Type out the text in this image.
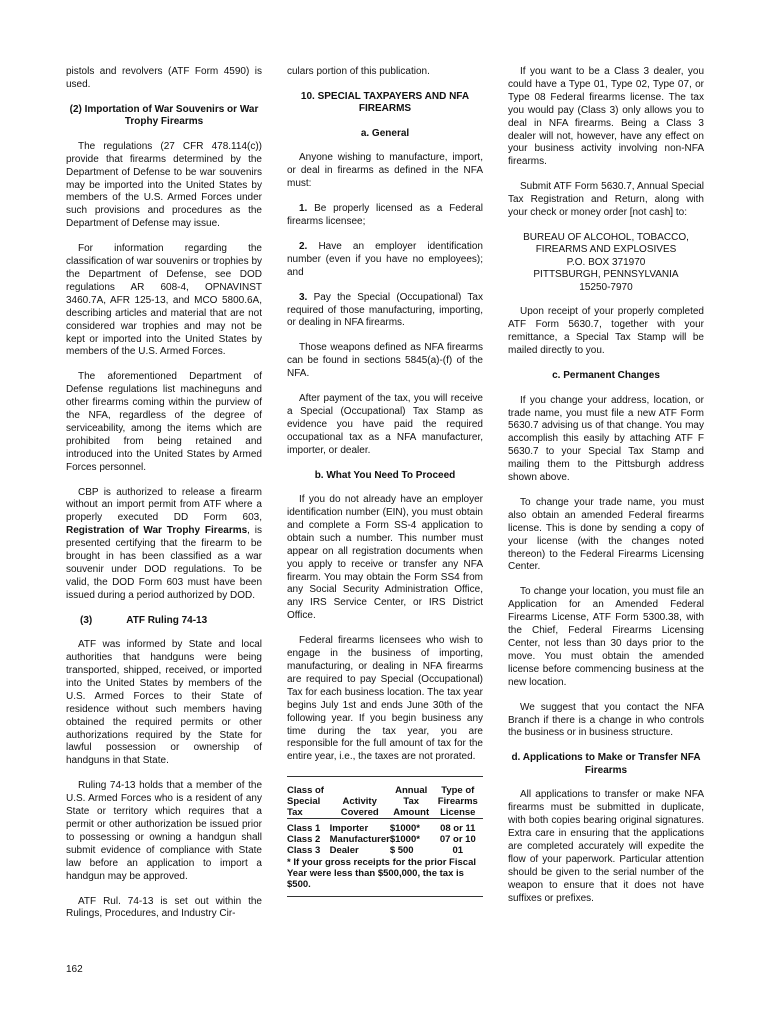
pistols and revolvers (ATF Form 4590) is used.

(2) Importation of War Souvenirs or War Trophy Firearms

The regulations (27 CFR 478.114(c)) provide that firearms determined by the Department of Defense to be war souvenirs may be imported into the United States by members of the U.S. Armed Forces under such provisions and procedures as the Department of Defense may issue.

For information regarding the classification of war souvenirs or trophies by the Department of Defense, see DOD regulations AR 608-4, OPNAVINST 3460.7A, AFR 125-13, and MCO 5800.6A, describing articles and material that are not considered war trophies and may not be kept or imported into the United States by members of the U.S. Armed Forces.

The aforementioned Department of Defense regulations list machineguns and other firearms coming within the purview of the NFA, regardless of the degree of serviceability, among the items which are prohibited from being retained and introduced into the United States by Armed Forces personnel.

CBP is authorized to release a firearm without an import permit from ATF where a properly executed DD Form 603, Registration of War Trophy Firearms, is presented certifying that the firearm to be brought in has been classified as a war souvenir under DOD regulations. To be valid, the DOD Form 603 must have been issued during a period authorized by DOD.

(3)	ATF Ruling 74-13

ATF was informed by State and local authorities that handguns were being transported, shipped, received, or imported into the United States by members of the U.S. Armed Forces to their State of residence without such members having obtained the required permits or other authorizations required by the State for lawful possession or ownership of handguns in that State.

Ruling 74-13 holds that a member of the U.S. Armed Forces who is a resident of any State or territory which requires that a permit or other authorization be issued prior to possessing or owning a handgun shall submit evidence of compliance with State law before an application to import a handgun may be approved.

ATF Rul. 74-13 is set out within the Rulings, Procedures, and Industry Cir-

culars portion of this publication.

10. SPECIAL TAXPAYERS AND NFA FIREARMS
a. General

Anyone wishing to manufacture, import, or deal in firearms as defined in the NFA must:

1. Be properly licensed as a Federal firearms licensee;

2. Have an employer identification number (even if you have no employees); and

3. Pay the Special (Occupational) Tax required of those manufacturing, importing, or dealing in NFA firearms.

Those weapons defined as NFA firearms can be found in sections 5845(a)-(f) of the NFA.

After payment of the tax, you will receive a Special (Occupational) Tax Stamp as evidence you have paid the required occupational tax as a NFA manufacturer, importer, or dealer.

b. What You Need To Proceed

If you do not already have an employer identification number (EIN), you must obtain and complete a Form SS-4 application to obtain such a number. This number must appear on all registration documents when you apply to receive or transfer any NFA firearm. You may obtain the Form SS4 from any Social Security Administration Office, any IRS Service Center, or IRS District Office.

Federal firearms licensees who wish to engage in the business of importing, manufacturing, or dealing in NFA firearms are required to pay Special (Occupational) Tax for each business location. The tax year begins July 1st and ends June 30th of the following year. If you begin business any time during the tax year, you are responsible for the full amount of tax for the entire year, i.e., the taxes are not prorated.

Class of Special Tax	Activity Covered	Annual Tax Amount	Type of Firearms License

Class 1	Importer	$1000*	08 or 11
Class 2	Manufacturer	$1000*	07 or 10
Class 3	Dealer	$ 500	01

* If your gross receipts for the prior Fiscal Year were less than $500,000, the tax is $500.

If you want to be a Class 3 dealer, you could have a Type 01, Type 02, Type 07, or Type 08 Federal firearms license. The tax you would pay (Class 3) only allows you to deal in NFA firearms. Being a Class 3 dealer will not, however, have any effect on your business activity involving non-NFA firearms.

Submit ATF Form 5630.7, Annual Special Tax Registration and Return, along with your check or money order [not cash] to:

BUREAU OF ALCOHOL, TOBACCO,
FIREARMS AND EXPLOSIVES
P.O. BOX 371970
PITTSBURGH, PENNSYLVANIA
15250-7970

Upon receipt of your properly completed ATF Form 5630.7, together with your remittance, a Special Tax Stamp will be mailed directly to you.

c. Permanent Changes

If you change your address, location, or trade name, you must file a new ATF Form 5630.7 advising us of that change. You may accomplish this easily by attaching ATF F 5630.7 to your Special Tax Stamp and mailing them to the Pittsburgh address shown above.

To change your trade name, you must also obtain an amended Federal firearms license. This is done by sending a copy of your license (with the changes noted thereon) to the Federal Firearms Licensing Center.

To change your location, you must file an Application for an Amended Federal Firearms License, ATF Form 5300.38, with the Chief, Federal Firearms Licensing Center, not less than 30 days prior to the move. You must obtain the amended license before commencing business at the new location.

We suggest that you contact the NFA Branch if there is a change in who controls the business or in business structure.

d. Applications to Make or Transfer NFA Firearms

All applications to transfer or make NFA firearms must be submitted in duplicate, with both copies bearing original signatures. Extra care in ensuring that the applications are completed accurately will expedite the flow of your paperwork. Particular attention should be given to the serial number of the weapon to ensure that it does not have suffixes or prefixes.

162
